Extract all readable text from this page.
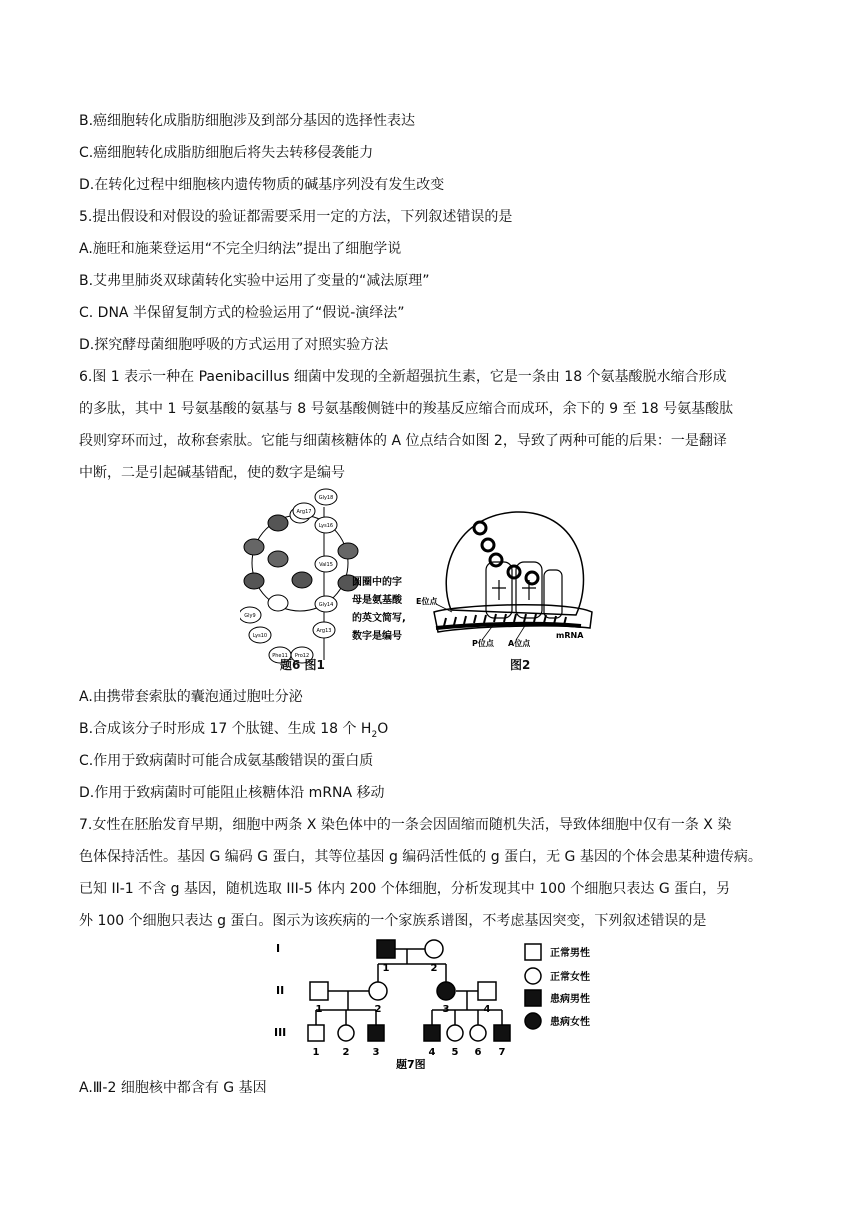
B.癌细胞转化成脂肪细胞涉及到部分基因的选择性表达
C.癌细胞转化成脂肪细胞后将失去转移侵袭能力
D.在转化过程中细胞核内遗传物质的碱基序列没有发生改变
5.提出假设和对假设的验证都需要采用一定的方法，下列叙述错误的是
A.施旺和施莱登运用“不完全归纳法”提出了细胞学说
B.艾弗里肺炎双球菌转化实验中运用了变量的“减法原理”
C. DNA 半保留复制方式的检验运用了“假说-演绎法”
D.探究酵母菌细胞呼吸的方式运用了对照实验方法
6.图 1 表示一种在 Paenibacillus 细菌中发现的全新超强抗生素，它是一条由 18 个氨基酸脱水缩合形成
的多肽，其中 1 号氨基酸的氨基与 8 号氨基酸侧链中的羧基反应缩合而成环，余下的 9 至 18 号氨基酸肽
段则穿环而过，故称套索肽。它能与细菌核糖体的 A 位点结合如图 2，导致了两种可能的后果：一是翻译
中断，二是引起碱基错配，使的数字是编号
Gly18
Arg17
Lys16
Val15
Gly14
Arg13
Pro12
Phe11
Lys10
Gly9
圆圈中的字
母是氨基酸
的英文简写,
数字是编号
题6 图1
E位点
P位点 A位点
mRNA
图2
A.由携带套索肽的囊泡通过胞吐分泌
B.合成该分子时形成 17 个肽键、生成 18 个 $H_2O$
C.作用于致病菌时可能合成氨基酸错误的蛋白质
D.作用于致病菌时可能阻止核糖体沿 mRNA 移动
7.女性在胚胎发育早期，细胞中两条 X 染色体中的一条会因固缩而随机失活，导致体细胞中仅有一条 X 染
色体保持活性。基因 G 编码 G 蛋白，其等位基因 g 编码活性低的 g 蛋白，无 G 基因的个体会患某种遗传病。
已知 II-1 不含 g 基因，随机选取 III-5 体内 200 个体细胞，分析发现其中 100 个细胞只表达 G 蛋白，另
外 100 个细胞只表达 g 蛋白。图示为该疾病的一个家族系谱图，不考虑基因突变，下列叙述错误的是
I
II
III
1	2
1	2	3	4
1 2 3	4 5 6 7
题7图
正常男性
正常女性
患病男性
患病女性
A.Ⅲ-2 细胞核中都含有 G 基因
